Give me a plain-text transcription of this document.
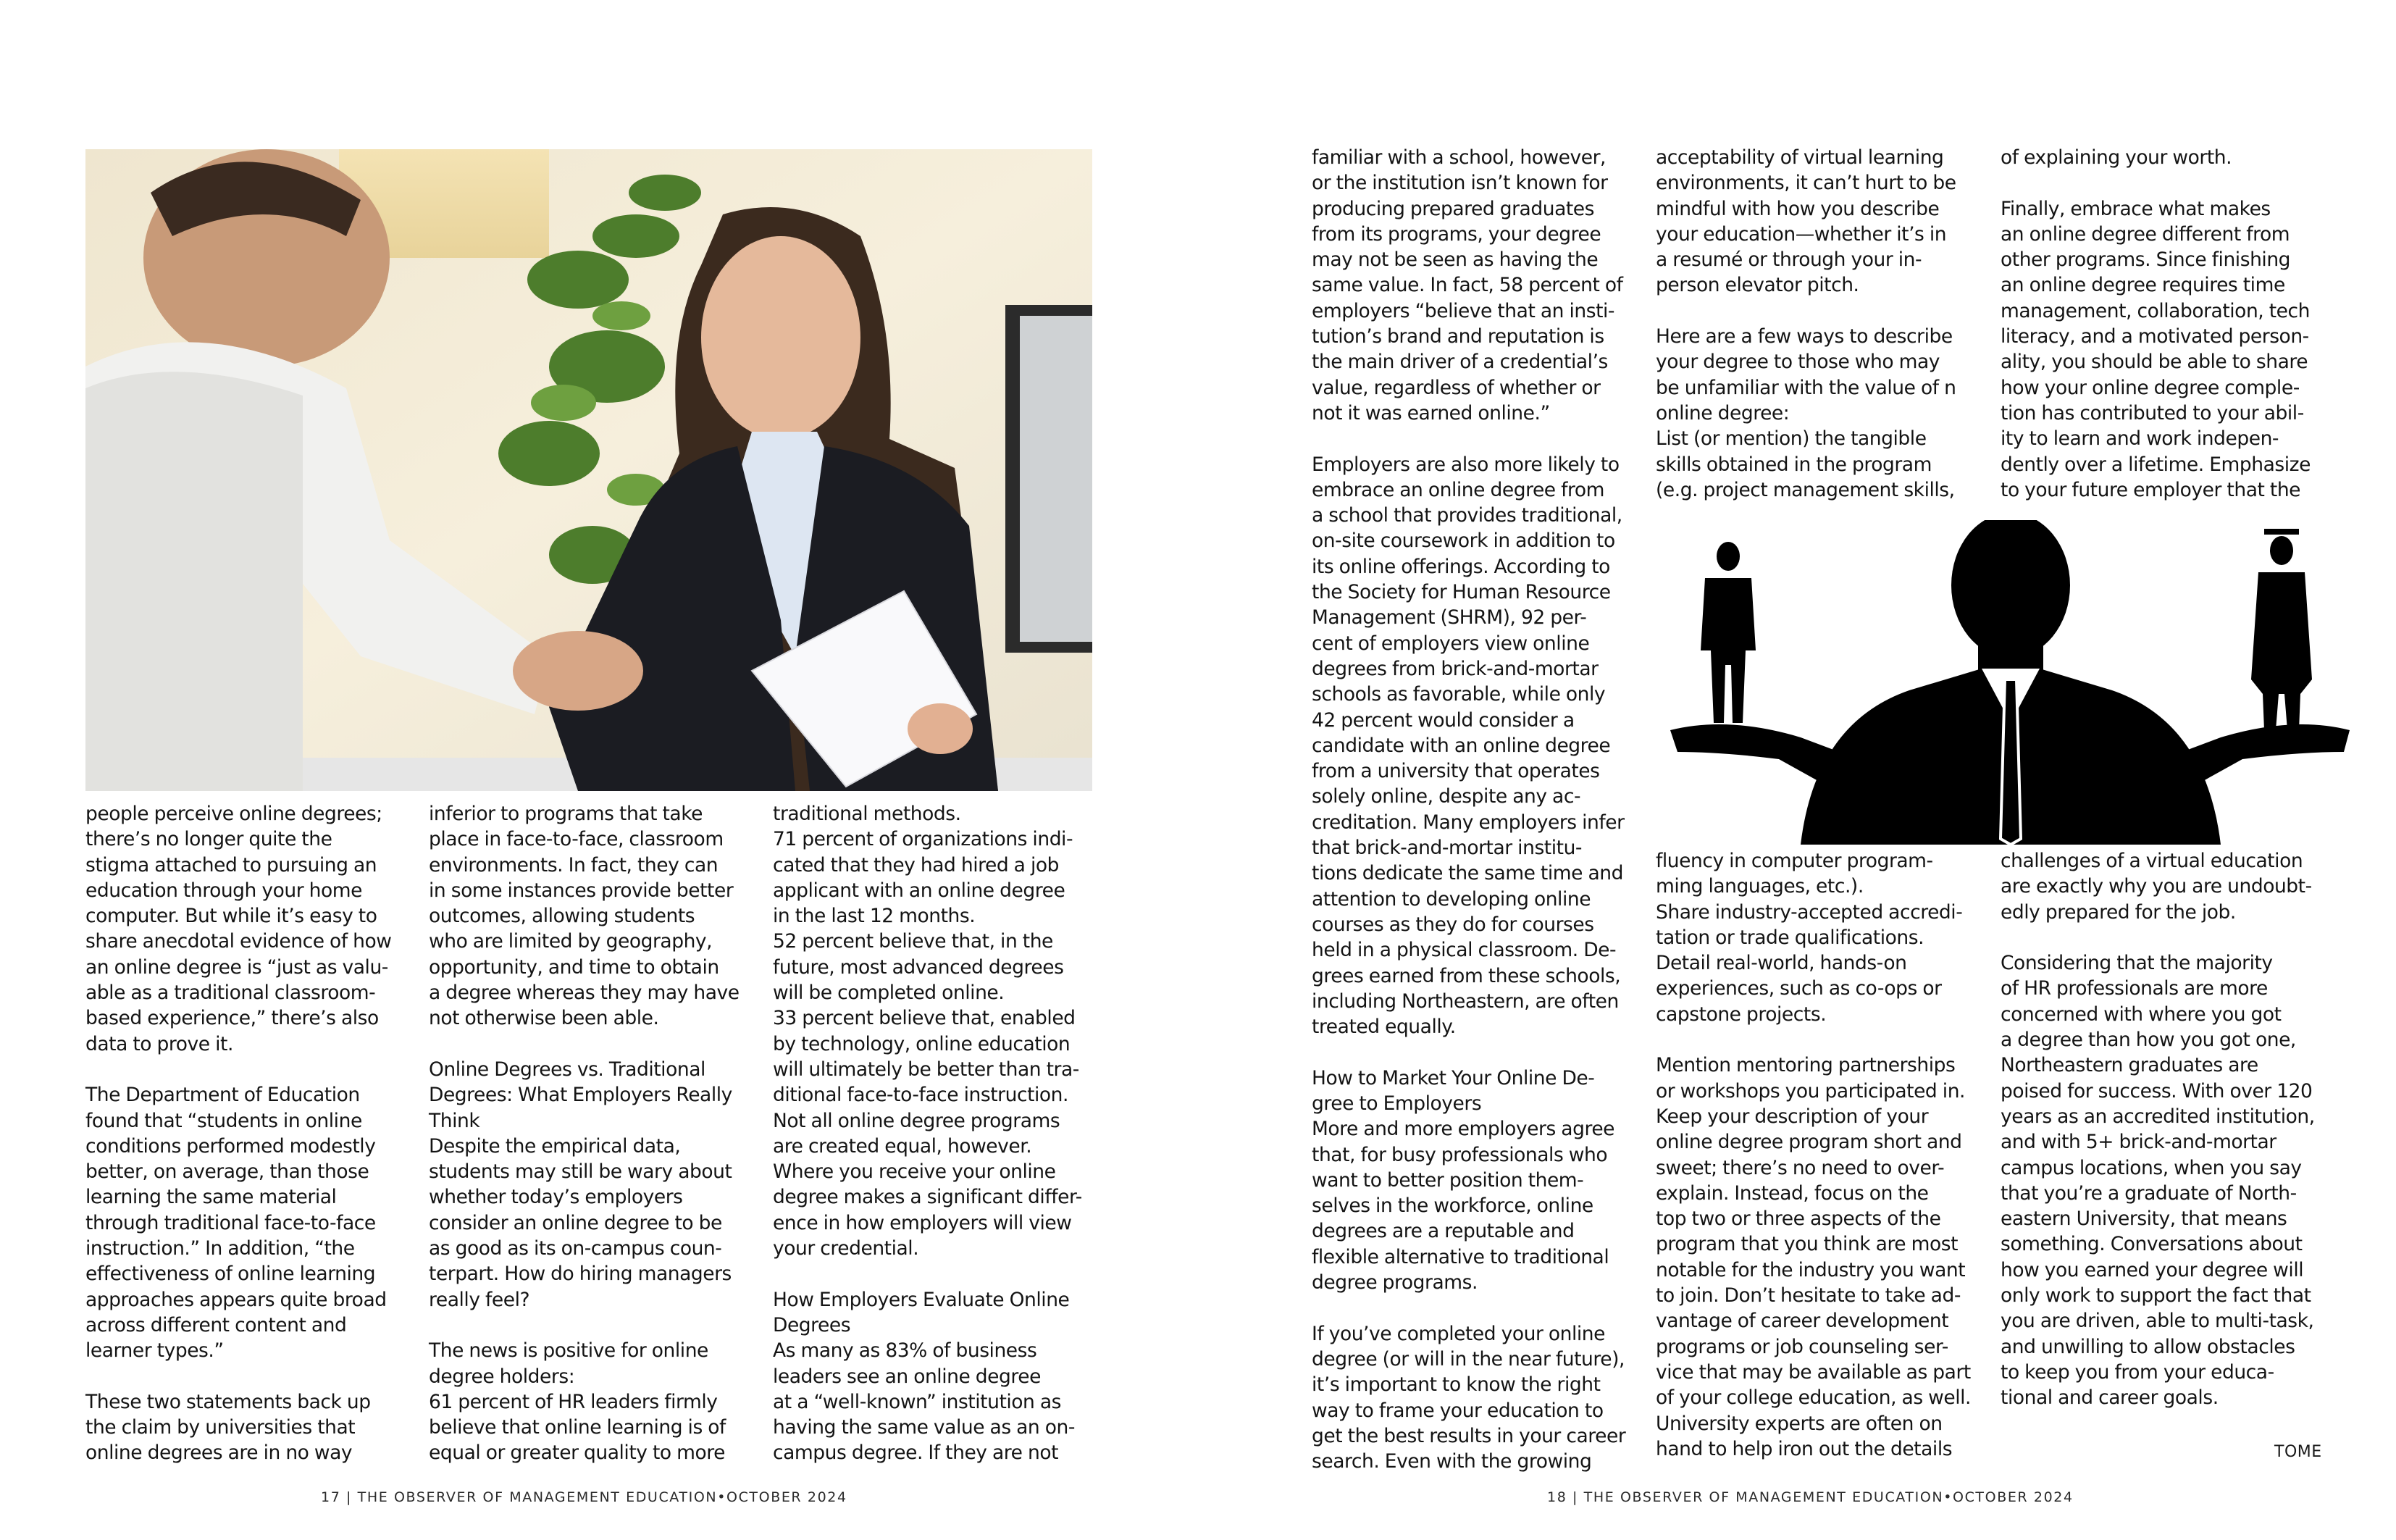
people perceive online degrees;
there’s no longer quite the
stigma attached to pursuing an
education through your home
computer. But while it’s easy to
share anecdotal evidence of how
an online degree is “just as valu-
able as a traditional classroom-
based experience,” there’s also
data to prove it.
The Department of Education
found that “students in online
conditions performed modestly
better, on average, than those
learning the same material
through traditional face-to-face
instruction.” In addition, “the
effectiveness of online learning
approaches appears quite broad
across different content and
learner types.”
These two statements back up
the claim by universities that
online degrees are in no way
inferior to programs that take
place in face-to-face, classroom
environments. In fact, they can
in some instances provide better
outcomes, allowing students
who are limited by geography,
opportunity, and time to obtain
a degree whereas they may have
not otherwise been able.
Online Degrees vs. Traditional
Degrees: What Employers Really
Think
Despite the empirical data,
students may still be wary about
whether today’s employers
consider an online degree to be
as good as its on-campus coun-
terpart. How do hiring managers
really feel?
The news is positive for online
degree holders:
61 percent of HR leaders firmly
believe that online learning is of
equal or greater quality to more
traditional methods.
71 percent of organizations indi-
cated that they had hired a job
applicant with an online degree
in the last 12 months.
52 percent believe that, in the
future, most advanced degrees
will be completed online.
33 percent believe that, enabled
by technology, online education
will ultimately be better than tra-
ditional face-to-face instruction.
Not all online degree programs
are created equal, however.
Where you receive your online
degree makes a significant differ-
ence in how employers will view
your credential.
How Employers Evaluate Online
Degrees
As many as 83% of business
leaders see an online degree
at a “well-known” institution as
having the same value as an on-
campus degree. If they are not
familiar with a school, however,
or the institution isn’t known for
producing prepared graduates
from its programs, your degree
may not be seen as having the
same value. In fact, 58 percent of
employers “believe that an insti-
tution’s brand and reputation is
the main driver of a credential’s
value, regardless of whether or
not it was earned online.”
Employers are also more likely to
embrace an online degree from
a school that provides traditional,
on-site coursework in addition to
its online offerings. According to
the Society for Human Resource
Management (SHRM), 92 per-
cent of employers view online
degrees from brick-and-mortar
schools as favorable, while only
42 percent would consider a
candidate with an online degree
from a university that operates
solely online, despite any ac-
creditation. Many employers infer
that brick-and-mortar institu-
tions dedicate the same time and
attention to developing online
courses as they do for courses
held in a physical classroom. De-
grees earned from these schools,
including Northeastern, are often
treated equally.
How to Market Your Online De-
gree to Employers
More and more employers agree
that, for busy professionals who
want to better position them-
selves in the workforce, online
degrees are a reputable and
flexible alternative to traditional
degree programs.
If you’ve completed your online
degree (or will in the near future),
it’s important to know the right
way to frame your education to
get the best results in your career
search. Even with the growing
acceptability of virtual learning
environments, it can’t hurt to be
mindful with how you describe
your education—whether it’s in
a resumé or through your in-
person elevator pitch.
Here are a few ways to describe
your degree to those who may
be unfamiliar with the value of n
online degree:
List (or mention) the tangible
skills obtained in the program
(e.g. project management skills,
fluency in computer program-
ming languages, etc.).
Share industry-accepted accredi-
tation or trade qualifications.
Detail real-world, hands-on
experiences, such as co-ops or
capstone projects.
Mention mentoring partnerships
or workshops you participated in.
Keep your description of your
online degree program short and
sweet; there’s no need to over-
explain. Instead, focus on the
top two or three aspects of the
program that you think are most
notable for the industry you want
to join. Don’t hesitate to take ad-
vantage of career development
programs or job counseling ser-
vice that may be available as part
of your college education, as well.
University experts are often on
hand to help iron out the details
of explaining your worth.
Finally, embrace what makes
an online degree different from
other programs. Since finishing
an online degree requires time
management, collaboration, tech
literacy, and a motivated person-
ality, you should be able to share
how your online degree comple-
tion has contributed to your abil-
ity to learn and work indepen-
dently over a lifetime. Emphasize
to your future employer that the
challenges of a virtual education
are exactly why you are undoubt-
edly prepared for the job.
Considering that the majority
of HR professionals are more
concerned with where you got
a degree than how you got one,
Northeastern graduates are
poised for success. With over 120
years as an accredited institution,
and with 5+ brick-and-mortar
campus locations, when you say
that you’re a graduate of North-
eastern University, that means
something. Conversations about
how you earned your degree will
only work to support the fact that
you are driven, able to multi-task,
and unwilling to allow obstacles
to keep you from your educa-
tional and career goals.
TOME
17 | THE OBSERVER OF MANAGEMENT EDUCATION•OCTOBER 2024	18 | THE OBSERVER OF MANAGEMENT EDUCATION•OCTOBER 2024
